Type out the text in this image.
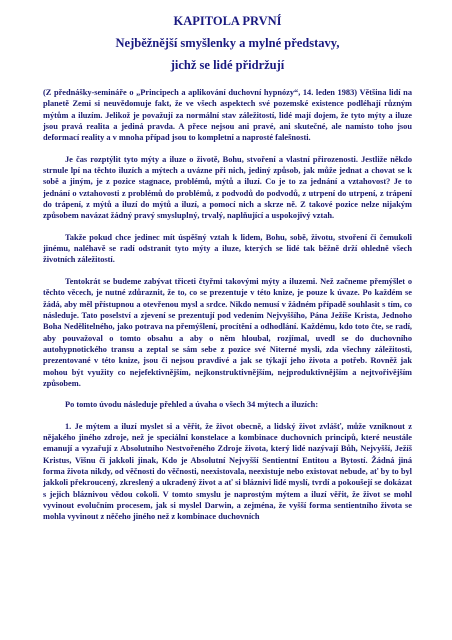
KAPITOLA PRVNÍ
Nejběžnější smyšlenky a mylné představy,
jichž se lidé přidržují

(Z přednášky-semináře o „Principech a aplikování duchovní hypnózy“, 14. leden 1983) Většina lidí na planetě Zemi si neuvědomuje fakt, že ve všech aspektech své pozemské existence podléhají různým mýtům a iluzím. Jelikož je považují za normální stav záležitostí, lidé mají dojem, že tyto mýty a iluze jsou pravá realita a jediná pravda. A přece nejsou ani pravé, ani skutečné, ale namísto toho jsou deformací reality a v mnoha případ jsou to kompletní a naprosté falešnosti.

Je čas rozptýlit tyto mýty a iluze o životě, Bohu, stvoření a vlastní přirozenosti. Jestliže někdo strnule lpí na těchto iluzích a mýtech a uvázne při nich, jediný způsob, jak může jednat a chovat se k sobě a jiným, je z pozice stagnace, problémů, mýtů a iluzí. Co je to za jednání a vztahovost? Je to jednání o vztahovosti z problémů do problémů, z podvodů do podvodů, z utrpení do utrpení, z trápení do trápení, z mýtů a iluzí do mýtů a iluzí, a pomocí nich a skrze ně. Z takové pozice nelze nijakým způsobem navázat žádný pravý smysluplný, trvalý, naplňující a uspokojivý vztah.

Takže pokud chce jedinec mít úspěšný vztah k lidem, Bohu, sobě, životu, stvoření či čemukoli jinému, naléhavě se radí odstranit tyto mýty a iluze, kterých se lidé tak běžně drží ohledně všech životních záležitostí.

Tentokrát se budeme zabývat třiceti čtyřmi takovými mýty a iluzemi. Než začneme přemýšlet o těchto věcech, je nutné zdůraznit, že to, co se prezentuje v této knize, je pouze k úvaze. Po každém se žádá, aby měl přístupnou a otevřenou mysl a srdce. Nikdo nemusí v žádném případě souhlasit s tím, co následuje. Tato poselství a zjevení se prezentují pod vedením Nejvyššího, Pána Ježíše Krista, Jednoho Boha Nedělitelného, jako potrava na přemýšlení, procítění a odhodlání. Každému, kdo toto čte, se radí, aby pouvažoval o tomto obsahu a aby o něm hloubal, rozjímal, uvedl se do duchovního autohypnotického transu a zeptal se sám sebe z pozice své Niterné mysli, zda všechny záležitosti, prezentované v této knize, jsou či nejsou pravdivé a jak se týkají jeho života a potřeb. Rovněž jak mohou být využity co nejefektivnějším, nejkonstruktivnějším, nejproduktivnějším a nejtvořivějším způsobem.

Po tomto úvodu následuje přehled a úvaha o všech 34 mýtech a iluzích:

1. Je mýtem a iluzí myslet si a věřit, že život obecně, a lidský život zvlášť, může vzniknout z nějakého jiného zdroje, než je speciální konstelace a kombinace duchovních principů, které neustále emanují a vyzařují z Absolutního Nestvořeného Zdroje života, který lidé nazývají Bůh, Nejvyšší, Ježíš Kristus, Višnu či jakkoli jinak, Kdo je Absolutní Nejvyšší Sentientní Entitou a Bytostí. Žádná jiná forma života nikdy, od věčnosti do věčnosti, neexistovala, neexistuje nebo existovat nebude, ať by to byl jakkoli překroucený, zkreslený a ukradený život a ať si bláznivi lidé myslí, tvrdí a pokoušejí se dokázat s jejich bláznivou vědou cokoli. V tomto smyslu je naprostým mýtem a iluzí věřit, že život se mohl vyvinout evolučním procesem, jak si myslel Darwin, a zejména, že vyšší forma sentientního života se mohla vyvinout z něčeho jiného než z kombinace duchovních
